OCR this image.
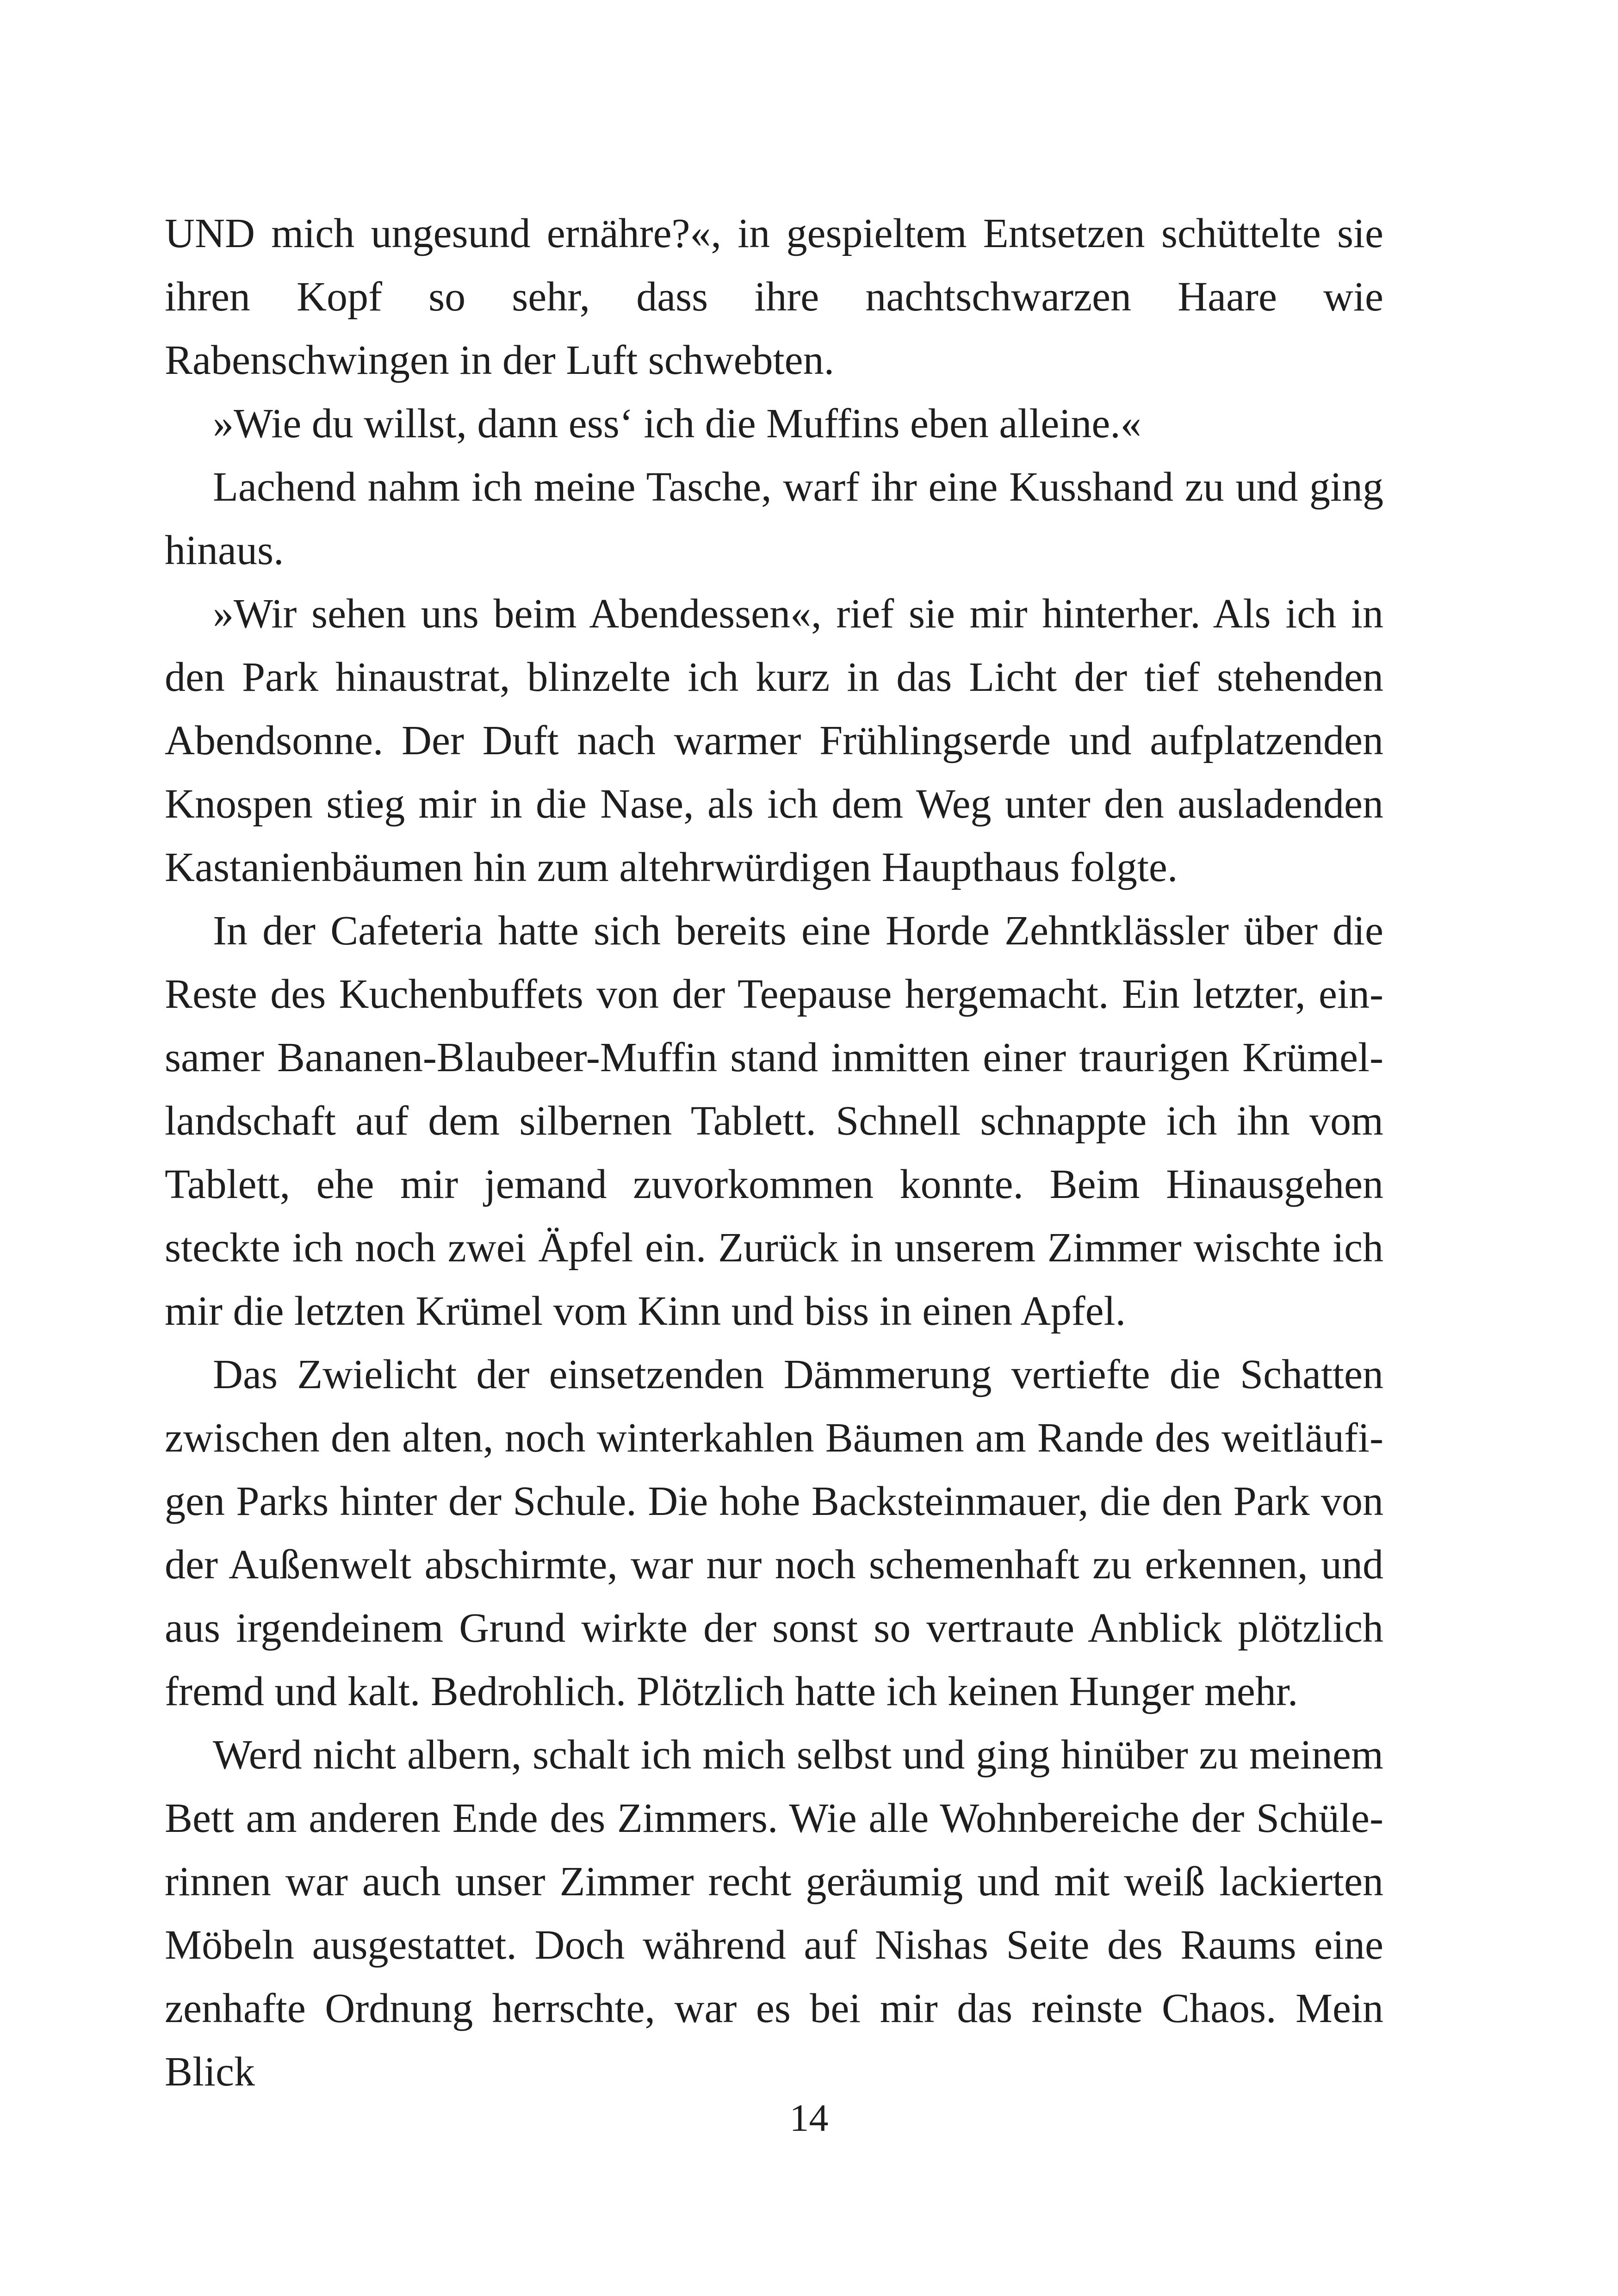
UND mich ungesund ernähre?«, in gespieltem Entsetzen schüttelte sie ihren Kopf so sehr, dass ihre nachtschwarzen Haare wie Rabenschwingen in der Luft schwebten.

»Wie du willst, dann ess‘ ich die Muffins eben alleine.«

Lachend nahm ich meine Tasche, warf ihr eine Kusshand zu und ging hinaus.

»Wir sehen uns beim Abendessen«, rief sie mir hinterher. Als ich in den Park hinaustrat, blinzelte ich kurz in das Licht der tief stehenden Abendsonne. Der Duft nach warmer Frühlingserde und aufplatzenden Knospen stieg mir in die Nase, als ich dem Weg unter den ausladenden Kastanienbäumen hin zum altehrwürdigen Haupthaus folgte.

In der Cafeteria hatte sich bereits eine Horde Zehntklässler über die Reste des Kuchenbuffets von der Teepause hergemacht. Ein letzter, einsamer Bananen-Blaubeer-Muffin stand inmitten einer traurigen Krümellandschaft auf dem silbernen Tablett. Schnell schnappte ich ihn vom Tablett, ehe mir jemand zuvorkommen konnte. Beim Hinausgehen steckte ich noch zwei Äpfel ein. Zurück in unserem Zimmer wischte ich mir die letzten Krümel vom Kinn und biss in einen Apfel.

Das Zwielicht der einsetzenden Dämmerung vertiefte die Schatten zwischen den alten, noch winterkahlen Bäumen am Rande des weitläufigen Parks hinter der Schule. Die hohe Backsteinmauer, die den Park von der Außenwelt abschirmte, war nur noch schemenhaft zu erkennen, und aus irgendeinem Grund wirkte der sonst so vertraute Anblick plötzlich fremd und kalt. Bedrohlich. Plötzlich hatte ich keinen Hunger mehr.

Werd nicht albern, schalt ich mich selbst und ging hinüber zu meinem Bett am anderen Ende des Zimmers. Wie alle Wohnbereiche der Schülerinnen war auch unser Zimmer recht geräumig und mit weiß lackierten Möbeln ausgestattet. Doch während auf Nishas Seite des Raums eine zenhafte Ordnung herrschte, war es bei mir das reinste Chaos. Mein Blick

14
